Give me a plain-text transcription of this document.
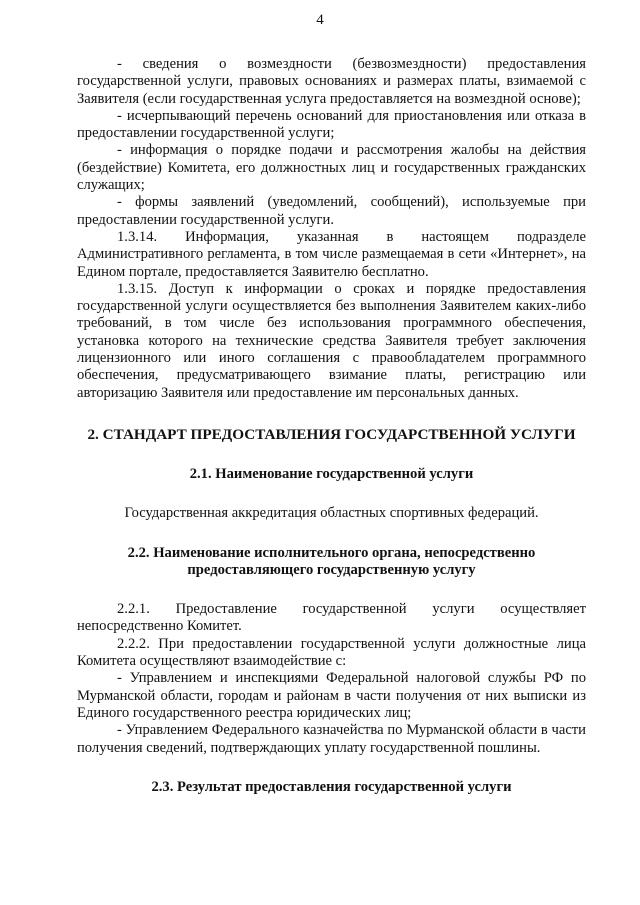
4

- сведения о возмездности (безвозмездности) предоставления государственной услуги, правовых основаниях и размерах платы, взимаемой с Заявителя (если государственная услуга предоставляется на возмездной основе);

- исчерпывающий перечень оснований для приостановления или отказа в предоставлении государственной услуги;

- информация о порядке подачи и рассмотрения жалобы на действия (бездействие) Комитета, его должностных лиц и государственных гражданских служащих;

- формы заявлений (уведомлений, сообщений), используемые при предоставлении государственной услуги.

1.3.14. Информация, указанная в настоящем подразделе Административного регламента, в том числе размещаемая в сети «Интернет», на Едином портале, предоставляется Заявителю бесплатно.

1.3.15. Доступ к информации о сроках и порядке предоставления государственной услуги осуществляется без выполнения Заявителем каких-либо требований, в том числе без использования программного обеспечения, установка которого на технические средства Заявителя требует заключения лицензионного или иного соглашения с правообладателем программного обеспечения, предусматривающего взимание платы, регистрацию или авторизацию Заявителя или предоставление им персональных данных.

2. СТАНДАРТ ПРЕДОСТАВЛЕНИЯ ГОСУДАРСТВЕННОЙ УСЛУГИ
2.1. Наименование государственной услуги

Государственная аккредитация областных спортивных федераций.

2.2. Наименование исполнительного органа, непосредственно предоставляющего государственную услугу

2.2.1. Предоставление государственной услуги осуществляет непосредственно Комитет.

2.2.2. При предоставлении государственной услуги должностные лица Комитета осуществляют взаимодействие с:

- Управлением и инспекциями Федеральной налоговой службы РФ по Мурманской области, городам и районам в части получения от них выписки из Единого государственного реестра юридических лиц;

- Управлением Федерального казначейства по Мурманской области в части получения сведений, подтверждающих уплату государственной пошлины.

2.3. Результат предоставления государственной услуги
